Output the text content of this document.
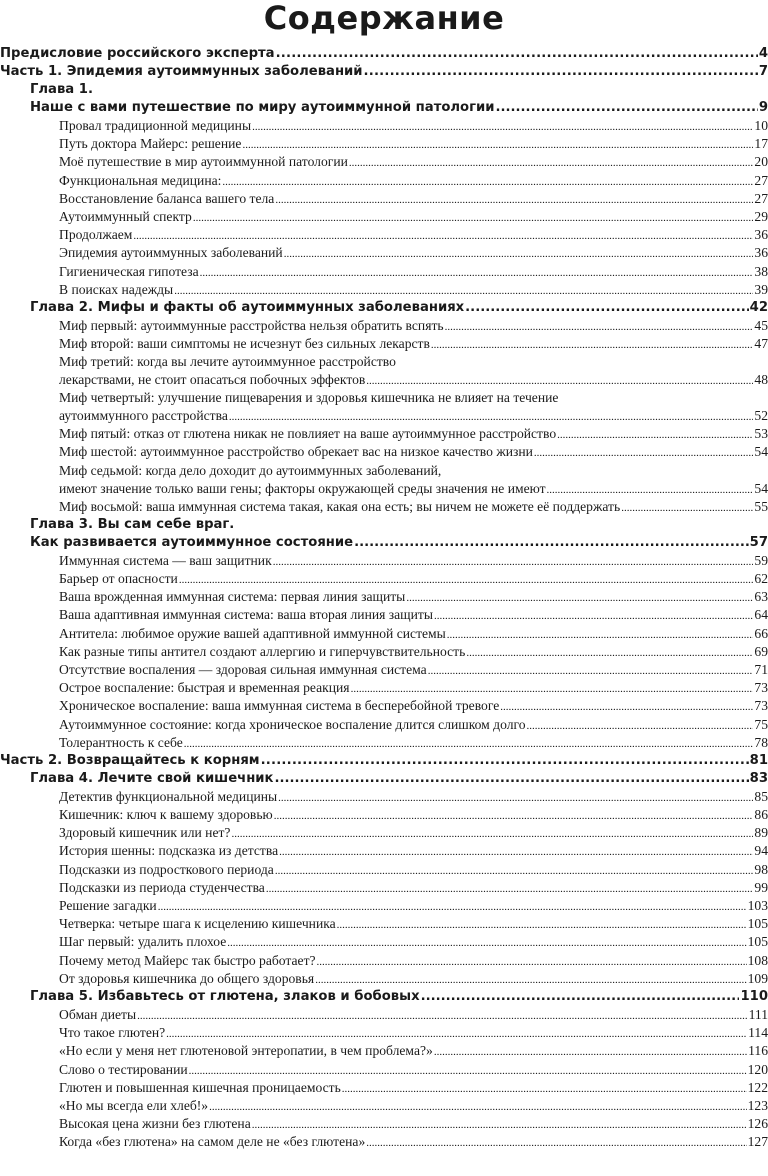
Содержание
Предисловие российского эксперта .....	4
Часть 1. Эпидемия аутоиммунных заболеваний .....	7
Глава 1.
Наше с вами путешествие по миру аутоиммунной патологии .....	9
Провал традиционной медицины .....	10
Путь доктора Майерс: решение .....	17
Моё путешествие в мир аутоиммунной патологии .....	20
Функциональная медицина: .....	27
Восстановление баланса вашего тела .....	27
Аутоиммунный спектр .....	29
Продолжаем .....	36
Эпидемия аутоиммунных заболеваний .....	36
Гигиеническая гипотеза .....	38
В поисках надежды .....	39
Глава 2. Мифы и факты об аутоиммунных заболеваниях .....	42
Миф первый: аутоиммунные расстройства нельзя обратить вспять .....	45
Миф второй: ваши симптомы не исчезнут без сильных лекарств .....	47
Миф третий: когда вы лечите аутоиммунное расстройство
лекарствами, не стоит опасаться побочных эффектов .....	48
Миф четвертый: улучшение пищеварения и здоровья кишечника не влияет на течение
аутоиммунного расстройства .....	52
Миф пятый: отказ от глютена никак не повлияет на ваше аутоиммунное расстройство .....	53
Миф шестой: аутоиммунное расстройство обрекает вас на низкое качество жизни .....	54
Миф седьмой: когда дело доходит до аутоиммунных заболеваний,
имеют значение только ваши гены; факторы окружающей среды значения не имеют .....	54
Миф восьмой: ваша иммунная система такая, какая она есть; вы ничем не можете её поддержать .....	55
Глава 3. Вы сам себе враг.
Как развивается аутоиммунное состояние .....	57
Иммунная система — ваш защитник .....	59
Барьер от опасности .....	62
Ваша врожденная иммунная система: первая линия защиты .....	63
Ваша адаптивная иммунная система: ваша вторая линия защиты .....	64
Антитела: любимое оружие вашей адаптивной иммунной системы .....	66
Как разные типы антител создают аллергию и гиперчувствительность .....	69
Отсутствие воспаления — здоровая сильная иммунная система .....	71
Острое воспаление: быстрая и временная реакция .....	73
Хроническое воспаление: ваша иммунная система в бесперебойной тревоге .....	73
Аутоиммунное состояние: когда хроническое воспаление длится слишком долго .....	75
Толерантность к себе .....	78
Часть 2. Возвращайтесь к корням .....	81
Глава 4. Лечите свой кишечник .....	83
Детектив функциональной медицины .....	85
Кишечник: ключ к вашему здоровью .....	86
Здоровый кишечник или нет? .....	89
История шенны: подсказка из детства .....	94
Подсказки из подросткового периода .....	98
Подсказки из периода студенчества .....	99
Решение загадки .....	103
Четверка: четыре шага к исцелению кишечника .....	105
Шаг первый: удалить плохое .....	105
Почему метод Майерс так быстро работает? .....	108
От здоровья кишечника до общего здоровья .....	109
Глава 5. Избавьтесь от глютена, злаков и бобовых .....	110
Обман диеты .....	111
Что такое глютен? .....	114
«Но если у меня нет глютеновой энтеропатии, в чем проблема?» .....	116
Слово о тестировании .....	120
Глютен и повышенная кишечная проницаемость .....	122
«Но мы всегда ели хлеб!» .....	123
Высокая цена жизни без глютена .....	126
Когда «без глютена» на самом деле не «без глютена» .....	127
